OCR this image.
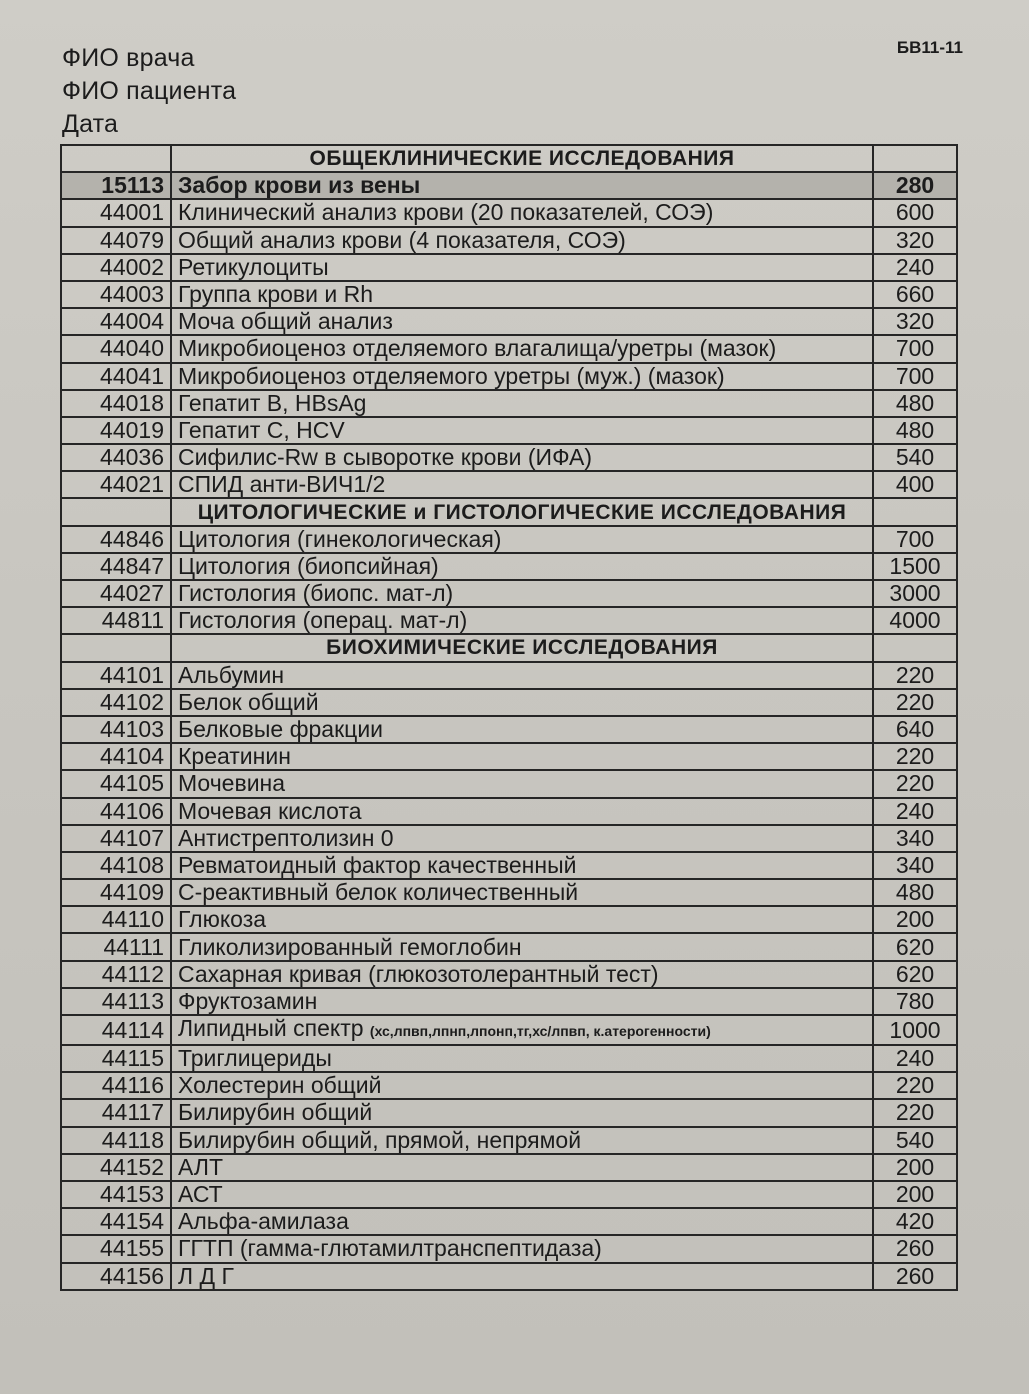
ФИО врача
ФИО пациента
Дата
БВ11-11
	ОБЩЕКЛИНИЧЕСКИЕ ИССЛЕДОВАНИЯ	
15113	Забор крови из вены	280
44001	Клинический анализ крови (20 показателей, СОЭ)	600
44079	Общий анализ крови (4 показателя, СОЭ)	320
44002	Ретикулоциты	240
44003	Группа крови и Rh	660
44004	Моча общий анализ	320
44040	Микробиоценоз отделяемого влагалища/уретры (мазок)	700
44041	Микробиоценоз отделяемого уретры (муж.) (мазок)	700
44018	Гепатит В, HBsAg	480
44019	Гепатит С, HCV	480
44036	Сифилис-Rw в сыворотке крови (ИФА)	540
44021	СПИД анти-ВИЧ1/2	400
	ЦИТОЛОГИЧЕСКИЕ и ГИСТОЛОГИЧЕСКИЕ ИССЛЕДОВАНИЯ	
44846	Цитология (гинекологическая)	700
44847	Цитология (биопсийная)	1500
44027	Гистология (биопс. мат-л)	3000
44811	Гистология (операц. мат-л)	4000
	БИОХИМИЧЕСКИЕ ИССЛЕДОВАНИЯ	
44101	Альбумин	220
44102	Белок общий	220
44103	Белковые фракции	640
44104	Креатинин	220
44105	Мочевина	220
44106	Мочевая кислота	240
44107	Антистрептолизин 0	340
44108	Ревматоидный фактор качественный	340
44109	С-реактивный белок количественный	480
44110	Глюкоза	200
44111	Гликолизированный гемоглобин	620
44112	Сахарная кривая (глюкозотолерантный тест)	620
44113	Фруктозамин	780
44114	Липидный спектр (хс,лпвп,лпнп,лпонп,тг,хс/лпвп, к.атерогенности)	1000
44115	Триглицериды	240
44116	Холестерин общий	220
44117	Билирубин общий	220
44118	Билирубин общий, прямой, непрямой	540
44152	АЛТ	200
44153	АСТ	200
44154	Альфа-амилаза	420
44155	ГГТП (гамма-глютамилтранспептидаза)	260
44156	Л Д Г	260
